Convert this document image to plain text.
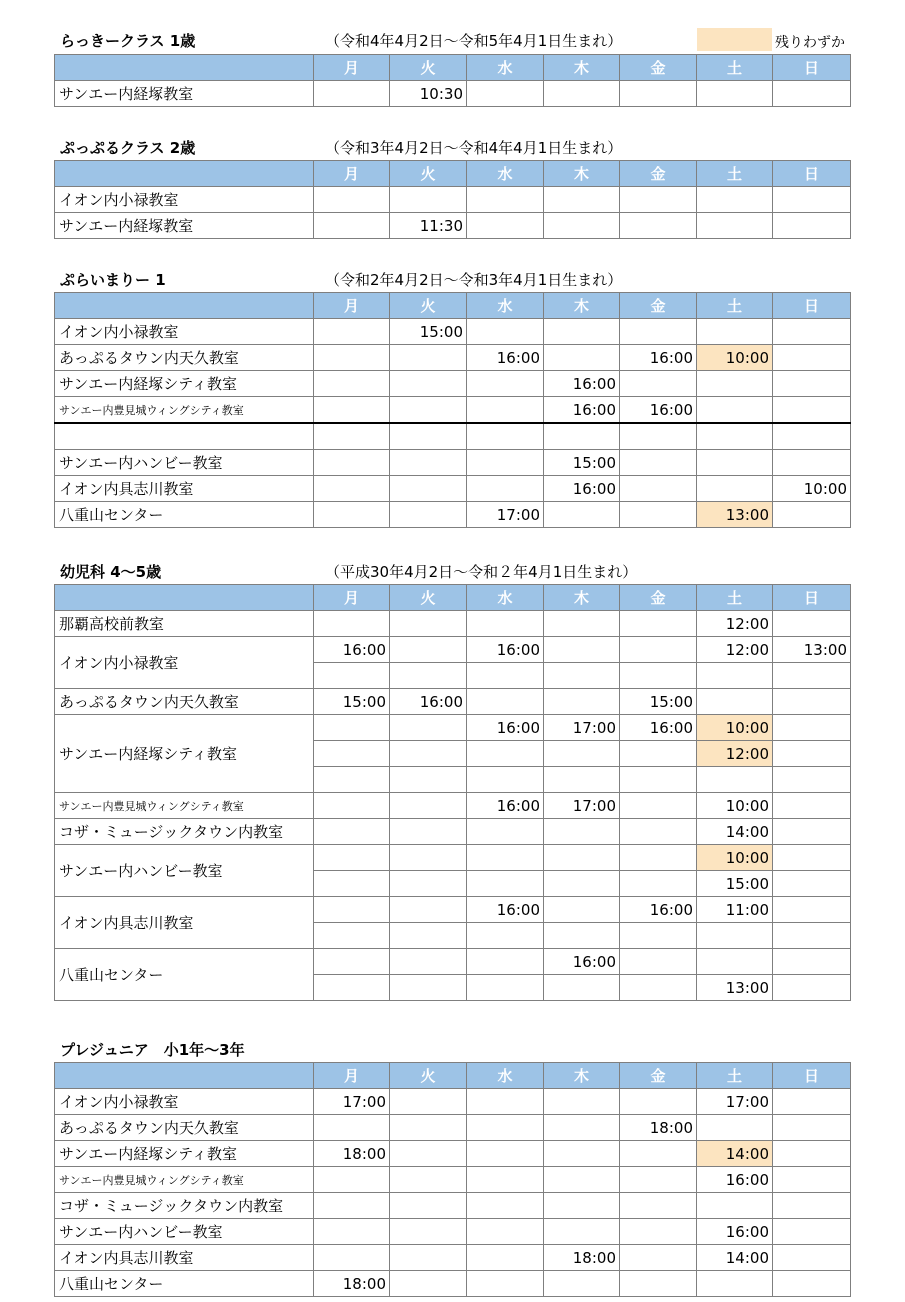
残りわずか
らっきークラス 1歳	（令和4年4月2日～令和5年4月1日生まれ）
	月	火	水	木	金	土	日
サンエー内経塚教室		10:30					
ぷっぷるクラス 2歳	（令和3年4月2日～令和4年4月1日生まれ）
	月	火	水	木	金	土	日
イオン内小禄教室							
サンエー内経塚教室		11:30					
ぷらいまりー 1	（令和2年4月2日～令和3年4月1日生まれ）
	月	火	水	木	金	土	日
イオン内小禄教室		15:00					
あっぷるタウン内天久教室			16:00		16:00	10:00	
サンエー内経塚シティ教室				16:00			
サンエー内豊見城ウィングシティ教室				16:00	16:00		

サンエー内ハンビー教室				15:00			
イオン内具志川教室				16:00			10:00
八重山センター			17:00			13:00	
幼児科 4～5歳	（平成30年4月2日～令和２年4月1日生まれ）
	月	火	水	木	金	土	日
那覇高校前教室						12:00	
イオン内小禄教室	16:00		16:00			12:00	13:00

あっぷるタウン内天久教室	15:00	16:00			15:00		
サンエー内経塚シティ教室			16:00	17:00	16:00	10:00	
						12:00	

サンエー内豊見城ウィングシティ教室			16:00	17:00		10:00	
コザ・ミュージックタウン内教室						14:00	
サンエー内ハンビー教室						10:00	
						15:00	
イオン内具志川教室			16:00		16:00	11:00	

八重山センター				16:00			
						13:00	
プレジュニア　小1年～3年
	月	火	水	木	金	土	日
イオン内小禄教室	17:00					17:00	
あっぷるタウン内天久教室					18:00		
サンエー内経塚シティ教室	18:00					14:00	
サンエー内豊見城ウィングシティ教室						16:00	
コザ・ミュージックタウン内教室							
サンエー内ハンビー教室						16:00	
イオン内具志川教室				18:00		14:00	
八重山センター	18:00						
